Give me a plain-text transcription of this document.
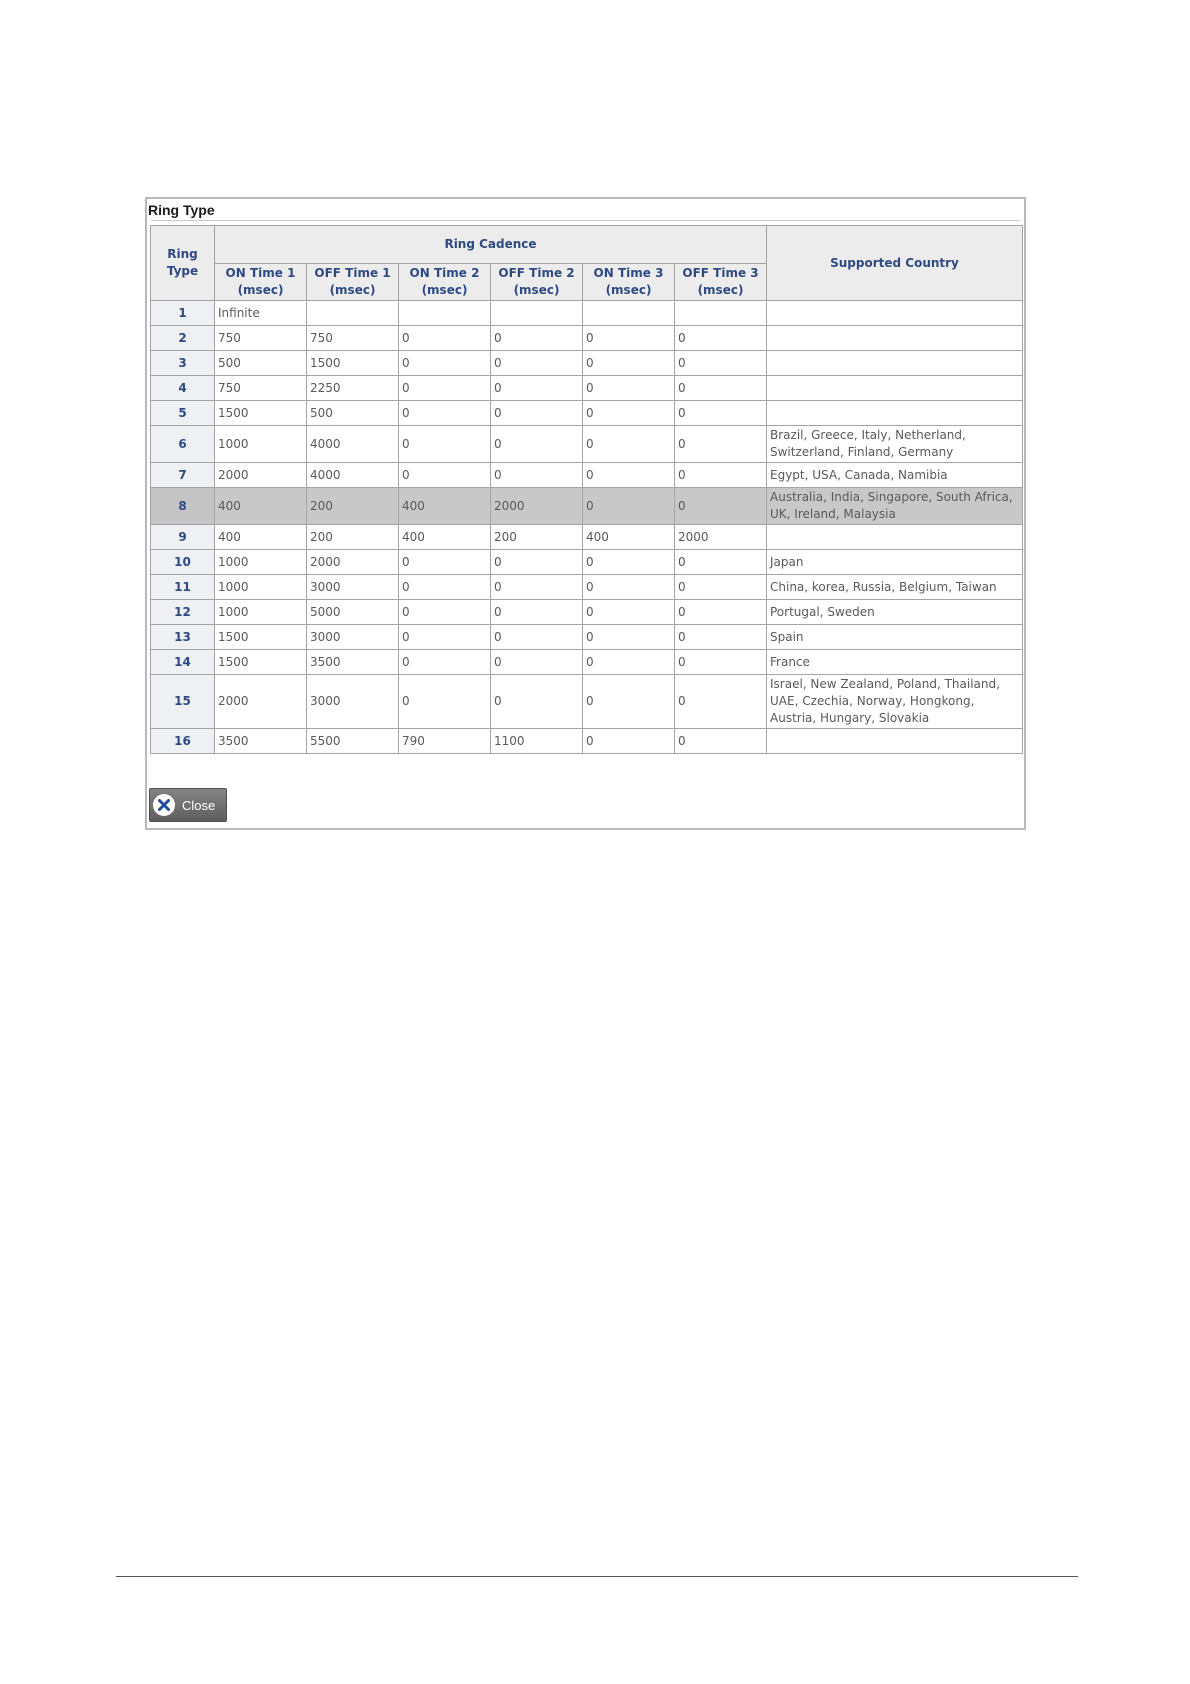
Ring Type
Ring Type	Ring Cadence						Supported Country
	ON Time 1 (msec)	OFF Time 1 (msec)	ON Time 2 (msec)	OFF Time 2 (msec)	ON Time 3 (msec)	OFF Time 3 (msec)	
1	Infinite						
2	750	750	0	0	0	0	
3	500	1500	0	0	0	0	
4	750	2250	0	0	0	0	
5	1500	500	0	0	0	0	
6	1000	4000	0	0	0	0	Brazil, Greece, Italy, Netherland, Switzerland, Finland, Germany
7	2000	4000	0	0	0	0	Egypt, USA, Canada, Namibia
8	400	200	400	2000	0	0	Australia, India, Singapore, South Africa, UK, Ireland, Malaysia
9	400	200	400	200	400	2000	
10	1000	2000	0	0	0	0	Japan
11	1000	3000	0	0	0	0	China, korea, Russia, Belgium, Taiwan
12	1000	5000	0	0	0	0	Portugal, Sweden
13	1500	3000	0	0	0	0	Spain
14	1500	3500	0	0	0	0	France
15	2000	3000	0	0	0	0	Israel, New Zealand, Poland, Thailand, UAE, Czechia, Norway, Hongkong, Austria, Hungary, Slovakia
16	3500	5500	790	1100	0	0	
Close
